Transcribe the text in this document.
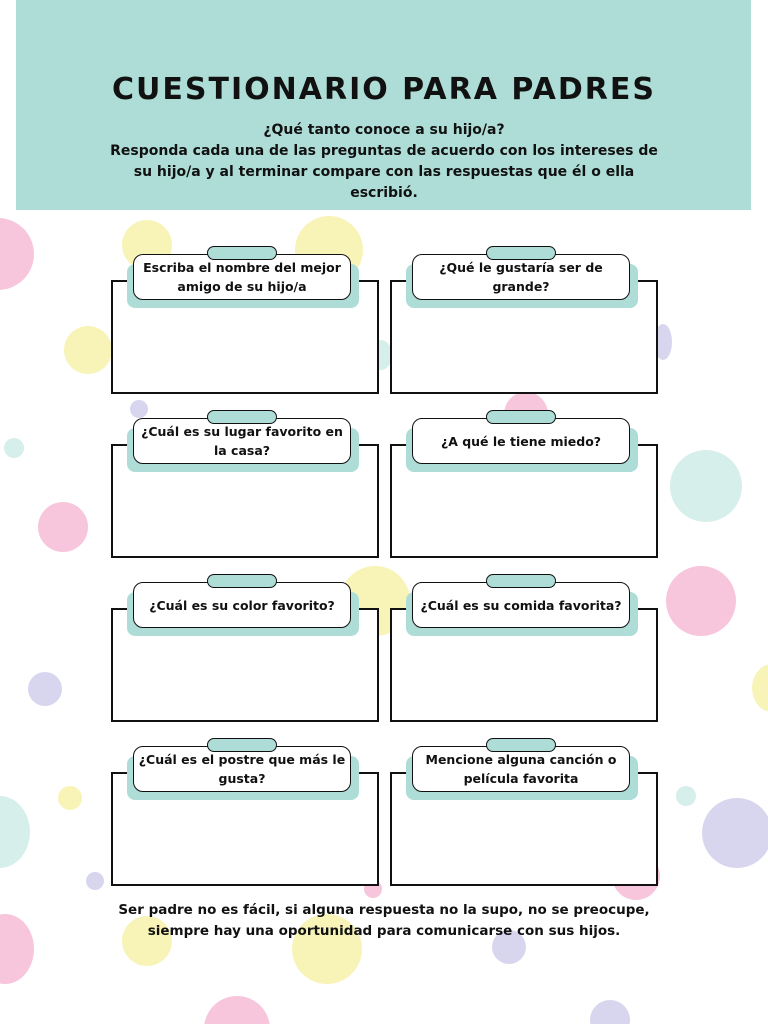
CUESTIONARIO PARA PADRES
¿Qué tanto conoce a su hijo/a?
Responda cada una de las preguntas de acuerdo con los intereses de su hijo/a y al terminar compare con las respuestas que él o ella escribió.
Escriba el nombre del mejor amigo de su hijo/a
¿Qué le gustaría ser de grande?
¿Cuál es su lugar favorito en la casa?
¿A qué le tiene miedo?
¿Cuál es su color favorito?	¿Cuál es su comida favorita?
¿Cuál es el postre que más le gusta?
Mencione alguna canción o película favorita
Ser padre no es fácil, si alguna respuesta no la supo, no se preocupe, siempre hay una oportunidad para comunicarse con sus hijos.
